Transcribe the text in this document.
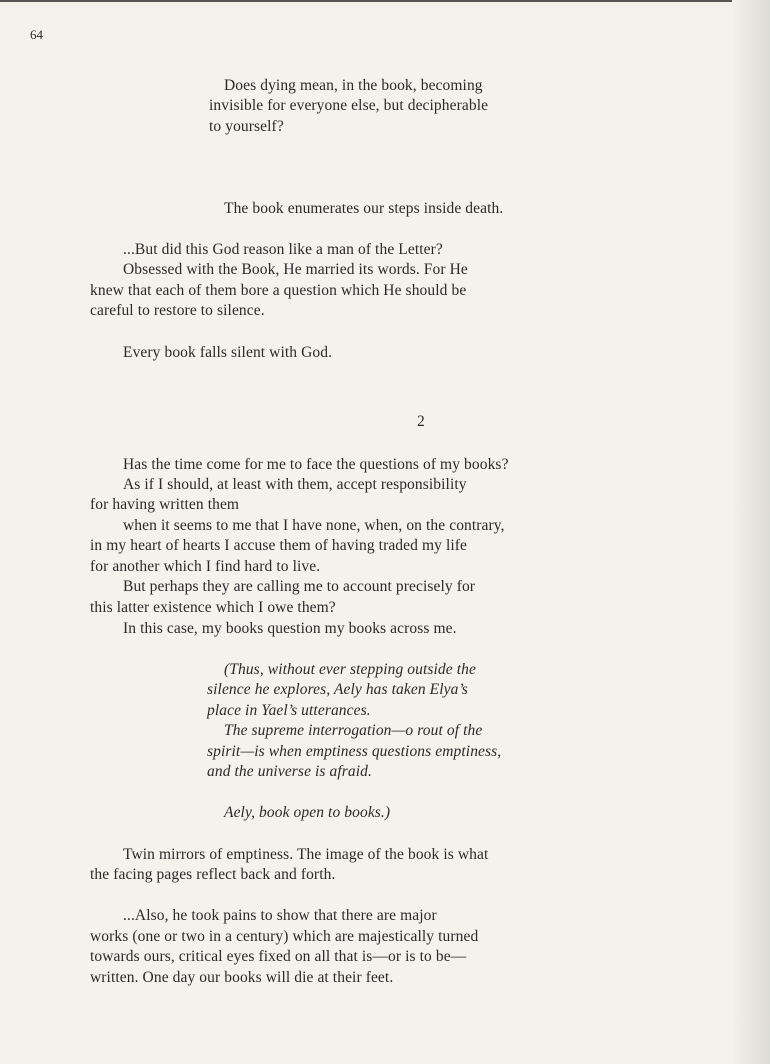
64
Does dying mean, in the book, becoming
invisible for everyone else, but decipherable
to yourself?
The book enumerates our steps inside death.
...But did this God reason like a man of the Letter?
Obsessed with the Book, He married its words. For He
knew that each of them bore a question which He should be
careful to restore to silence.
Every book falls silent with God.
2
Has the time come for me to face the questions of my books?
As if I should, at least with them, accept responsibility
for having written them
when it seems to me that I have none, when, on the contrary,
in my heart of hearts I accuse them of having traded my life
for another which I find hard to live.
But perhaps they are calling me to account precisely for
this latter existence which I owe them?
In this case, my books question my books across me.
(Thus, without ever stepping outside the
silence he explores, Aely has taken Elya’s
place in Yael’s utterances.
The supreme interrogation—o rout of the
spirit—is when emptiness questions emptiness,
and the universe is afraid.
Aely, book open to books.)
Twin mirrors of emptiness. The image of the book is what
the facing pages reflect back and forth.
...Also, he took pains to show that there are major
works (one or two in a century) which are majestically turned
towards ours, critical eyes fixed on all that is—or is to be—
written. One day our books will die at their feet.
